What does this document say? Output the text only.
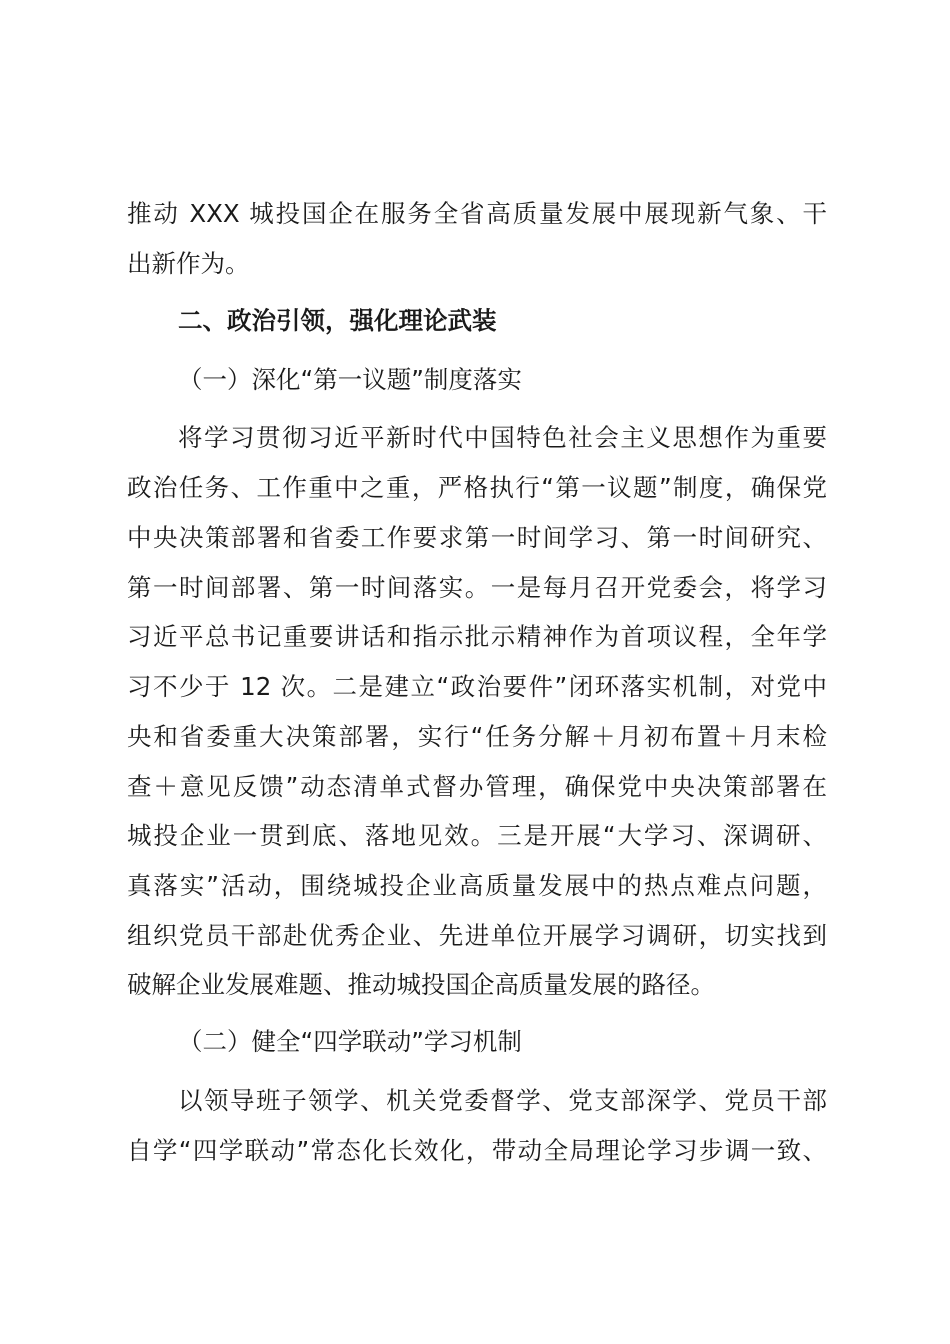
推动 XXX 城投国企在服务全省高质量发展中展现新气象、干
出新作为。
二、政治引领，强化理论武装
（一）深化“第一议题”制度落实
将学习贯彻习近平新时代中国特色社会主义思想作为重要
政治任务、工作重中之重，严格执行“第一议题”制度，确保党
中央决策部署和省委工作要求第一时间学习、第一时间研究、
第一时间部署、第一时间落实。一是每月召开党委会，将学习
习近平总书记重要讲话和指示批示精神作为首项议程，全年学
习不少于 12 次。二是建立“政治要件”闭环落实机制，对党中
央和省委重大决策部署，实行“任务分解＋月初布置＋月末检
查＋意见反馈”动态清单式督办管理，确保党中央决策部署在
城投企业一贯到底、落地见效。三是开展“大学习、深调研、
真落实”活动，围绕城投企业高质量发展中的热点难点问题，
组织党员干部赴优秀企业、先进单位开展学习调研，切实找到
破解企业发展难题、推动城投国企高质量发展的路径。
（二）健全“四学联动”学习机制
以领导班子领学、机关党委督学、党支部深学、党员干部
自学“四学联动”常态化长效化，带动全局理论学习步调一致、
